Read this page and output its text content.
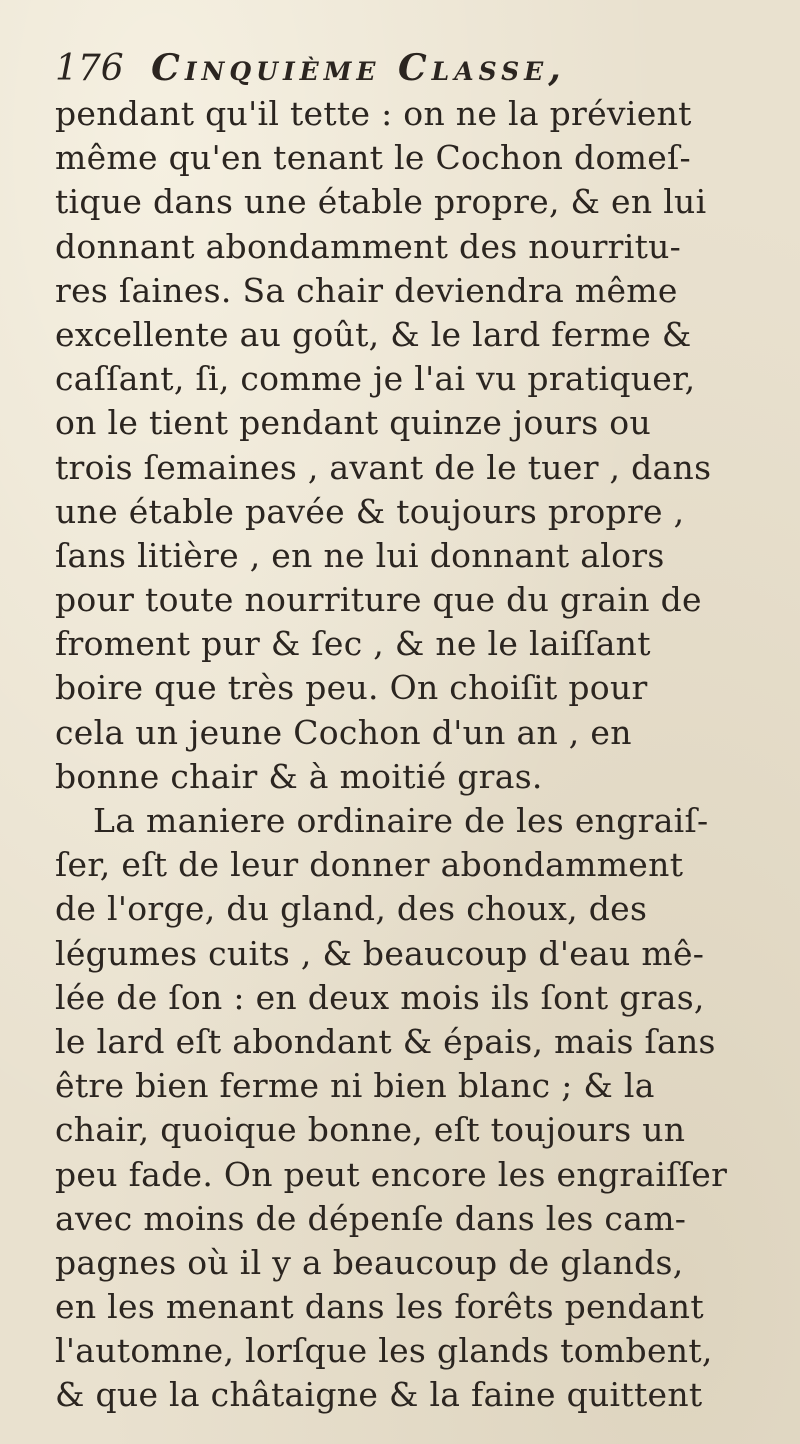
176 Cinquième Classe,
pendant qu'il tette : on ne la prévient
même qu'en tenant le Cochon domeſ-
tique dans une étable propre, & en lui
donnant abondamment des nourritu-
res ſaines. Sa chair deviendra même
excellente au goût, & le lard ferme &
caſſant, ſi, comme je l'ai vu pratiquer,
on le tient pendant quinze jours ou
trois ſemaines , avant de le tuer , dans
une étable pavée & toujours propre ,
ſans litière , en ne lui donnant alors
pour toute nourriture que du grain de
froment pur & ſec , & ne le laiſſant
boire que très peu. On choiſit pour
cela un jeune Cochon d'un an , en
bonne chair & à moitié gras.
La maniere ordinaire de les engraiſ-
ſer, eſt de leur donner abondamment
de l'orge, du gland, des choux, des
légumes cuits , & beaucoup d'eau mê-
lée de ſon : en deux mois ils ſont gras,
le lard eſt abondant & épais, mais ſans
être bien ferme ni bien blanc ; & la
chair, quoique bonne, eſt toujours un
peu fade. On peut encore les engraiſſer
avec moins de dépenſe dans les cam-
pagnes où il y a beaucoup de glands,
en les menant dans les forêts pendant
l'automne, lorſque les glands tombent,
& que la châtaigne & la faine quittent
